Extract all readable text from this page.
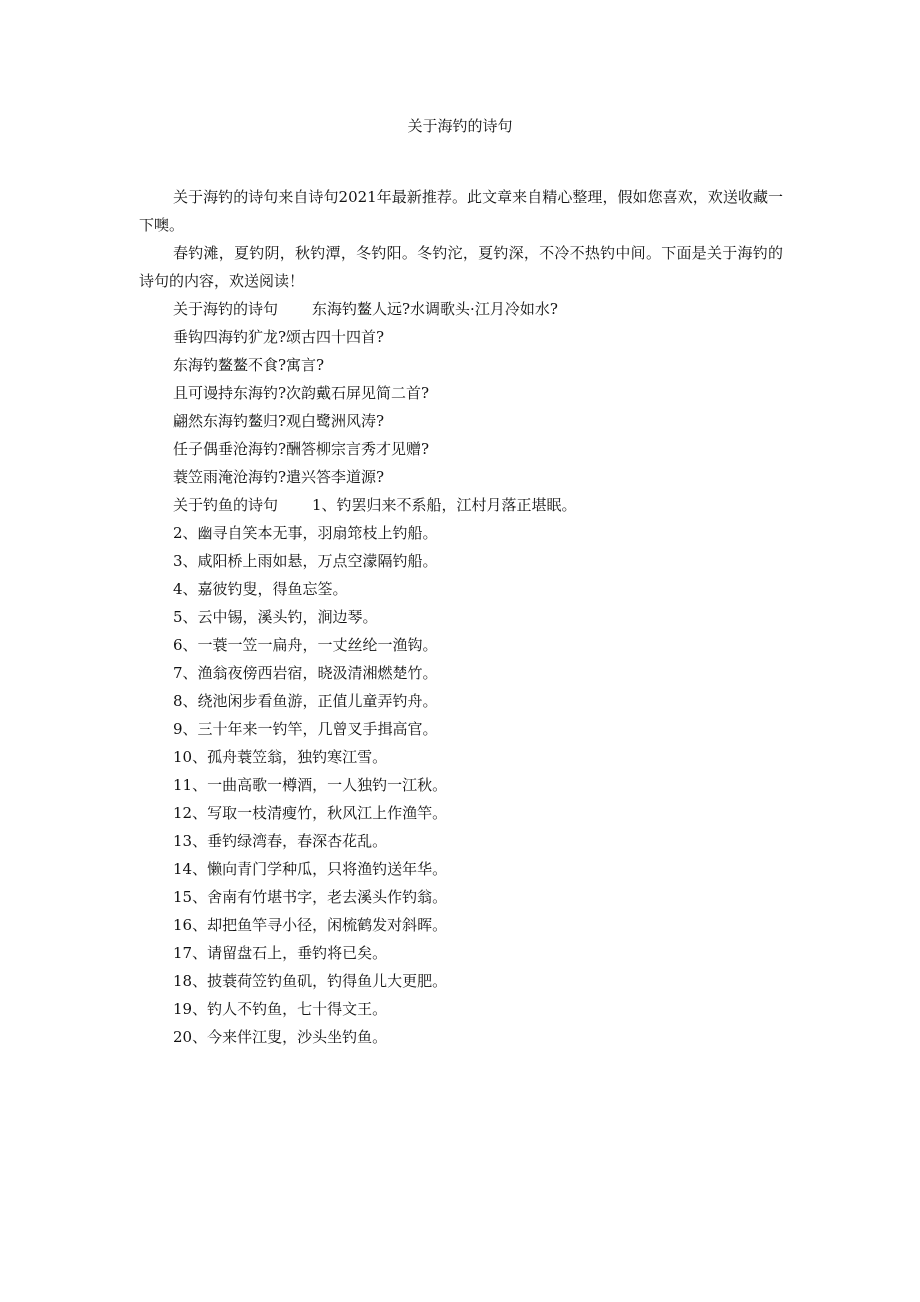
关于海钓的诗句

关于海钓的诗句来自诗句2021年最新推荐。此文章来自精心整理，假如您喜欢，欢送收藏一下噢。

春钓滩，夏钓阴，秋钓潭，冬钓阳。冬钓沱，夏钓深，不冷不热钓中间。下面是关于海钓的诗句的内容，欢送阅读！

关于海钓的诗句 东海钓鳌人远?水调歌头·江月冷如水?

垂钩四海钓犷龙?颂古四十四首?

东海钓鳌鳌不食?寓言?

且可谩持东海钓?次韵戴石屏见简二首?

翩然东海钓鳌归?观白鹭洲风涛?

任子偶垂沧海钓?酬答柳宗言秀才见赠?

蓑笠雨淹沧海钓?遣兴答李道源?

关于钓鱼的诗句 1、钓罢归来不系船，江村月落正堪眠。

2、幽寻自笑本无事，羽扇筇枝上钓船。

3、咸阳桥上雨如悬，万点空濛隔钓船。

4、嘉彼钓叟，得鱼忘筌。

5、云中锡，溪头钓，涧边琴。

6、一蓑一笠一扁舟，一丈丝纶一渔钩。

7、渔翁夜傍西岩宿，晓汲清湘燃楚竹。

8、绕池闲步看鱼游，正值儿童弄钓舟。

9、三十年来一钓竿，几曾叉手揖高官。

10、孤舟蓑笠翁，独钓寒江雪。

11、一曲高歌一樽酒，一人独钓一江秋。

12、写取一枝清瘦竹，秋风江上作渔竿。

13、垂钓绿湾春，春深杏花乱。

14、懒向青门学种瓜，只将渔钓送年华。

15、舍南有竹堪书字，老去溪头作钓翁。

16、却把鱼竿寻小径，闲梳鹤发对斜晖。

17、请留盘石上，垂钓将已矣。

18、披蓑荷笠钓鱼矶，钓得鱼儿大更肥。

19、钓人不钓鱼，七十得文王。

20、今来伴江叟，沙头坐钓鱼。
